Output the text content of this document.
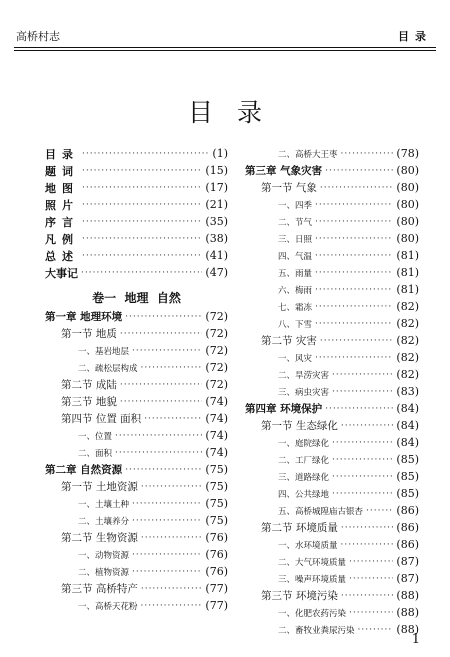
高桥村志	目录
目录
目录 ·····	(1)
题词 ·····	(15)
地图 ·····	(17)
照片 ·····	(21)
序言 ·····	(35)
凡例 ·····	(38)
总述 ·····	(41)
大事记 ·····	(47)
卷一  地理  自然
第一章 地理环境 ·····	(72)
第一节 地质 ·····	(72)
一、基岩地层 ·····	(72)
二、疏松层构成 ·····	(72)
第二节 成陆 ·····	(72)
第三节 地貌 ·····	(74)
第四节 位置 面积 ·····	(74)
一、位置 ·····	(74)
二、面积 ·····	(74)
第二章 自然资源 ·····	(75)
第一节 土地资源 ·····	(75)
一、土壤土种 ·····	(75)
二、土壤养分 ·····	(75)
第二节 生物资源 ·····	(76)
一、动物资源 ·····	(76)
二、植物资源 ·····	(76)
第三节 高桥特产 ·····	(77)
一、高桥天花粉 ·····	(77)
二、高桥大王枣 ·····	(78)
第三章 气象灾害 ·····	(80)
第一节 气象 ·····	(80)
一、四季 ·····	(80)
二、节气 ·····	(80)
三、日照 ·····	(80)
四、气温 ·····	(81)
五、雨量 ·····	(81)
六、梅雨 ·····	(81)
七、霜冻 ·····	(82)
八、下雪 ·····	(82)
第二节 灾害 ·····	(82)
一、风灾 ·····	(82)
二、旱涝灾害 ·····	(82)
三、病虫灾害 ·····	(83)
第四章 环境保护 ·····	(84)
第一节 生态绿化 ·····	(84)
一、庭院绿化 ·····	(84)
二、工厂绿化 ·····	(85)
三、道路绿化 ·····	(85)
四、公共绿地 ·····	(85)
五、高桥城隍庙古银杏 ·····	(86)
第二节 环境质量 ·····	(86)
一、水环境质量 ·····	(86)
二、大气环境质量 ·····	(87)
三、噪声环境质量 ·····	(87)
第三节 环境污染 ·····	(88)
一、化肥农药污染 ·····	(88)
二、畜牧业粪尿污染 ·····	(88)
1
